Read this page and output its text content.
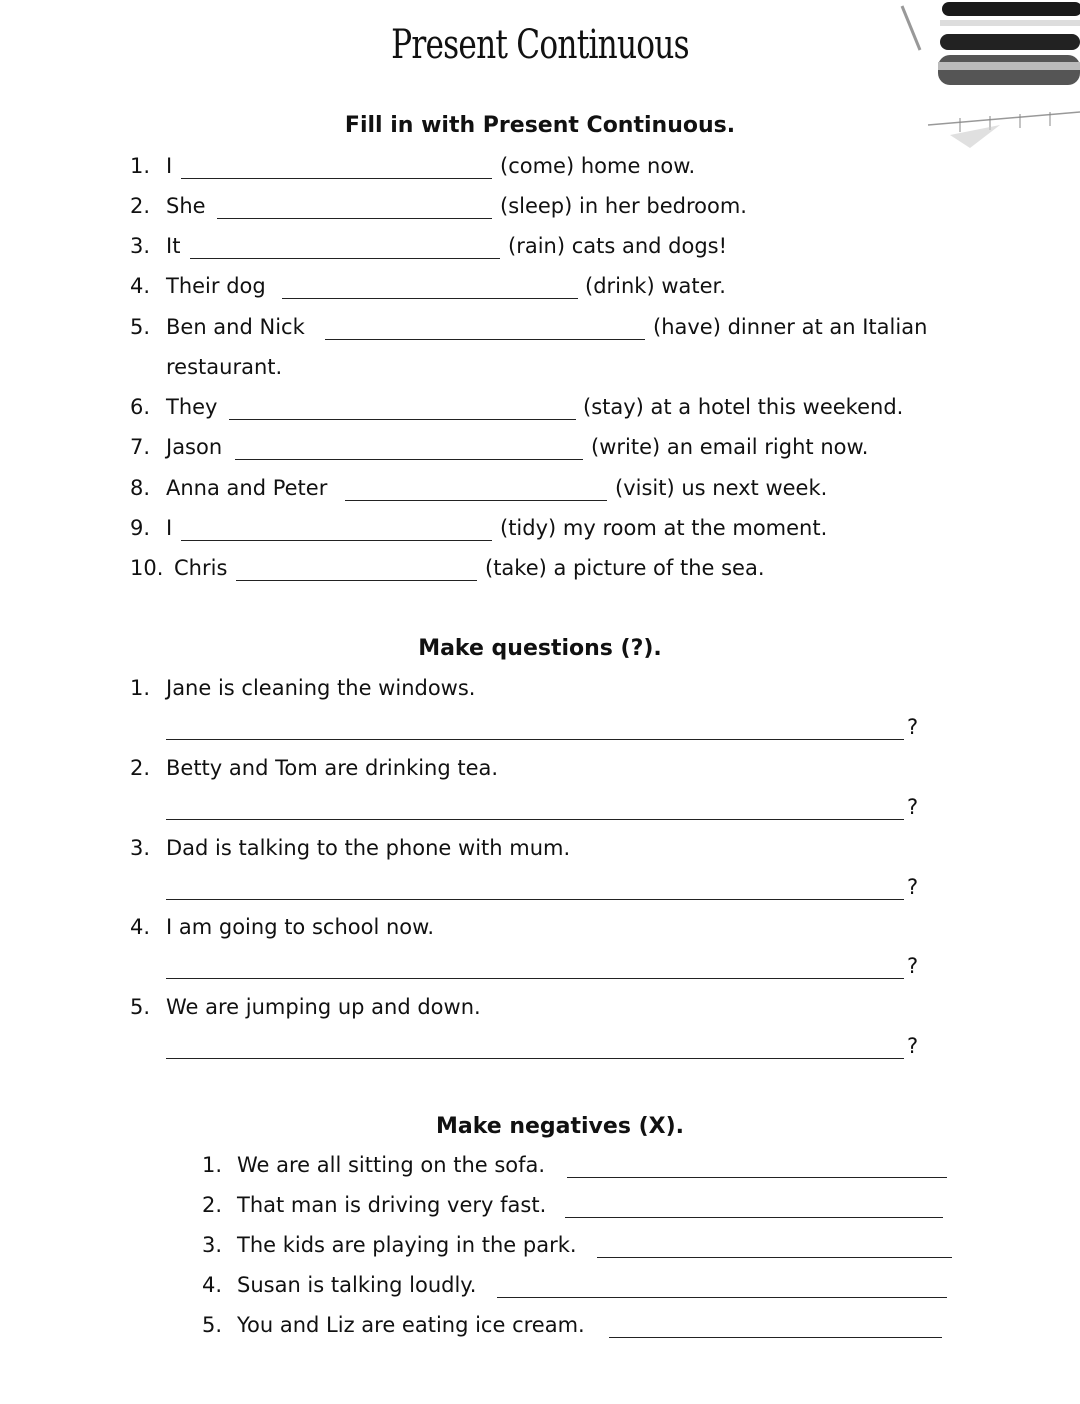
Present Continuous
Fill in with Present Continuous.
1. I	(come) home now.
2. She	(sleep) in her bedroom.
3. It	(rain) cats and dogs!
4. Their dog	(drink) water.
5. Ben and Nick	(have) dinner at an Italian
restaurant.
6. They	(stay) at a hotel this weekend.
7. Jason	(write) an email right now.
8. Anna and Peter	(visit) us next week.
9. I	(tidy) my room at the moment.
10. Chris	(take) a picture of the sea.
Make questions (?).
1. Jane is cleaning the windows.
?
2. Betty and Tom are drinking tea.
?
3. Dad is talking to the phone with mum.
?
4. I am going to school now.
?
5. We are jumping up and down.
?
Make negatives (X).
1. We are all sitting on the sofa.
2. That man is driving very fast.
3. The kids are playing in the park.
4. Susan is talking loudly.
5. You and Liz are eating ice cream.
